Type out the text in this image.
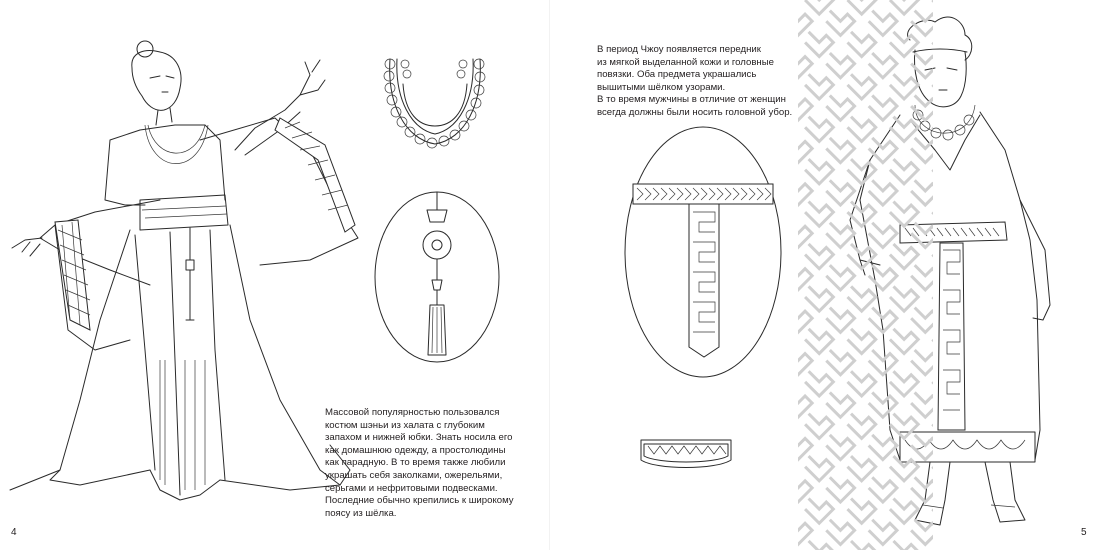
Массовой популярностью пользовался
костюм шэньи из халата с глубоким
запахом и нижней юбки. Знать носила его
как домашнюю одежду, а простолюдины
как парадную. В то время также любили
украшать себя заколками, ожерельями,
серьгами и нефритовыми подвесками.
Последние обычно крепились к широкому
поясу из шёлка.
4
В период Чжоу появляется передник
из мягкой выделанной кожи и головные
повязки. Оба предмета украшались
вышитыми шёлком узорами.
В то время мужчины в отличие от женщин
всегда должны были носить головной убор.
5
